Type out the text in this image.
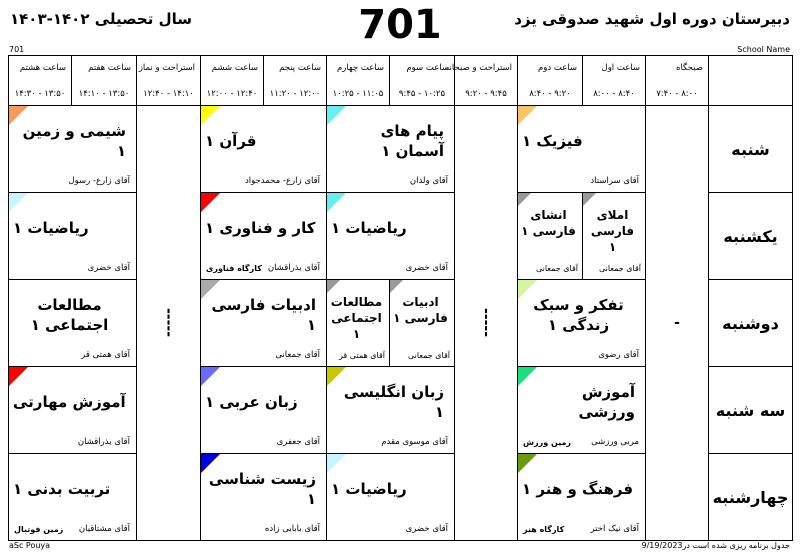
دبیرستان دوره اول شهید صدوقی یزد
701
سال تحصیلی ۱۴۰۲-۱۴۰۳
701	School Name
صبحگاه
۷:۴۰ - ۸:۰۰
ساعت اول
۸:۰۰ - ۸:۴۰
ساعت دوم
۸:۴۰ - ۹:۲۰
استراحت و صبحانه
۹:۲۰ - ۹:۴۵
ساعت سوم
۹:۴۵ - ۱۰:۲۵
ساعت چهارم
۱۰:۲۵ - ۱۱:۰۵
ساعت پنجم
۱۱:۲۰ - ۱۲:۰۰
ساعت ششم
۱۲:۰۰ - ۱۲:۴۰
استراحت و نماز
۱۲:۴۰ - ۱۴:۱۰
ساعت هفتم
۱۴:۱۰ - ۱۳:۵۰
ساعت هشتم
۱۴:۳۰ - ۱۳:۵۰
شنبه
یکشنبه
دوشنبه
سه شنبه
چهارشنبه
-
-----
-----
فیزیک ۱
آقای سراستاد
پیام های آسمان ۱
آقای ولدان
قرآن ۱
آقای زارع- محمدجواد
شیمی و زمین ۱
آقای زارع- رسول
املای فارسی ۱
آقای جمعانی
انشای فارسی ۱
آقای جمعانی
ریاضیات ۱
آقای خضری
کار و فناوری ۱
آقای یذراقشان
کارگاه فناوری
ریاضیات ۱
آقای خضری
تفکر و سبک زندگی ۱
آقای رضوی
ادبیات فارسی ۱
آقای جمعانی
مطالعات اجتماعی ۱
آقای همتی قر
ادبیات فارسی ۱
آقای جمعانی
مطالعات اجتماعی ۱
آقای همتی قر
آموزش ورزشی
مربی ورزشی
زمین ورزش
زبان انگلیسی ۱
آقای موسوی مقدم
زبان عربی ۱
آقای جعفری
آموزش مهارتی
آقای یذراقشان
فرهنگ و هنر ۱
آقای نیک اختر
کارگاه هنر
ریاضیات ۱
آقای خضری
زیست شناسی ۱
آقای بابایی زاده
تربیت بدنی ۱
آقای مشتاقیان
زمین فوتبال
aSc Pouya	جدول برنامه ریزی شده است در9/19/2023
